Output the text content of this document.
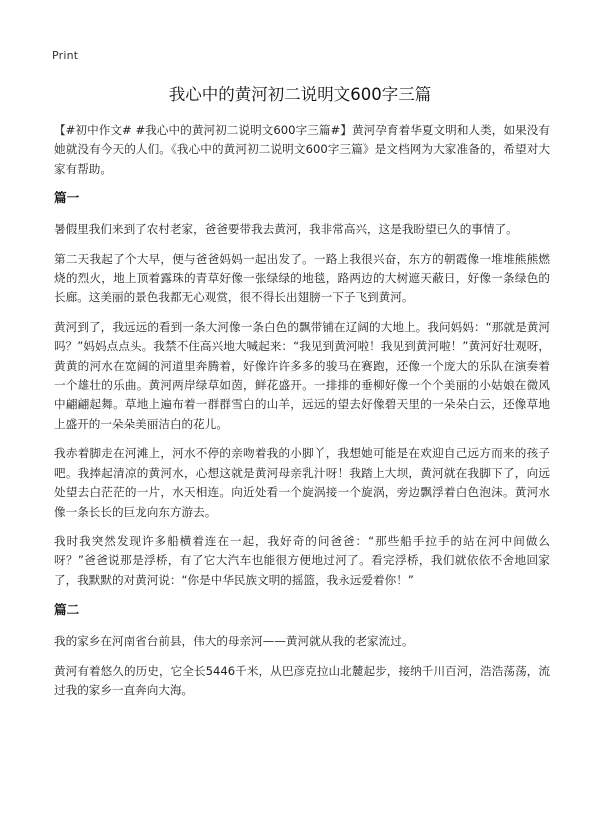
Print
我心中的黄河初二说明文600字三篇

【#初中作文# #我心中的黄河初二说明文600字三篇#】黄河孕育着华夏文明和人类，如果没有她就没有今天的人们。《我心中的黄河初二说明文600字三篇》是文档网为大家准备的，希望对大家有帮助。

篇一

暑假里我们来到了农村老家，爸爸要带我去黄河，我非常高兴，这是我盼望已久的事情了。

第二天我起了个大早，便与爸爸妈妈一起出发了。一路上我很兴奋，东方的朝霞像一堆堆熊熊燃烧的烈火，地上顶着露珠的青草好像一张绿绿的地毯，路两边的大树遮天蔽日，好像一条绿色的长廊。这美丽的景色我都无心观赏，很不得长出翅膀一下子飞到黄河。

黄河到了，我远远的看到一条大河像一条白色的飘带铺在辽阔的大地上。我问妈妈：“那就是黄河吗？”妈妈点点头。我禁不住高兴地大喊起来：“我见到黄河啦！我见到黄河啦！”黄河好壮观呀，黄黄的河水在宽阔的河道里奔腾着，好像许许多多的骏马在赛跑，还像一个庞大的乐队在演奏着一个雄壮的乐曲。黄河两岸绿草如茵，鲜花盛开。一排排的垂柳好像一个个美丽的小姑娘在微风中翩翩起舞。草地上遍布着一群群雪白的山羊，远远的望去好像碧天里的一朵朵白云，还像草地上盛开的一朵朵美丽洁白的花儿。

我赤着脚走在河滩上，河水不停的亲吻着我的小脚丫，我想她可能是在欢迎自己远方而来的孩子吧。我捧起清凉的黄河水，心想这就是黄河母亲乳汁呀！我踏上大坝，黄河就在我脚下了，向远处望去白茫茫的一片，水天相连。向近处看一个旋涡接一个旋涡，旁边飘浮着白色泡沫。黄河水像一条长长的巨龙向东方游去。

我时我突然发现许多船横着连在一起，我好奇的问爸爸：“那些船手拉手的站在河中间做么呀？”爸爸说那是浮桥，有了它大汽车也能很方便地过河了。看完浮桥，我们就依依不舍地回家了，我默默的对黄河说：“你是中华民族文明的摇篮，我永远爱着你！”

篇二

我的家乡在河南省台前县，伟大的母亲河——黄河就从我的老家流过。

黄河有着悠久的历史，它全长5446千米，从巴彦克拉山北麓起步，接纳千川百河，浩浩荡荡，流过我的家乡一直奔向大海。
